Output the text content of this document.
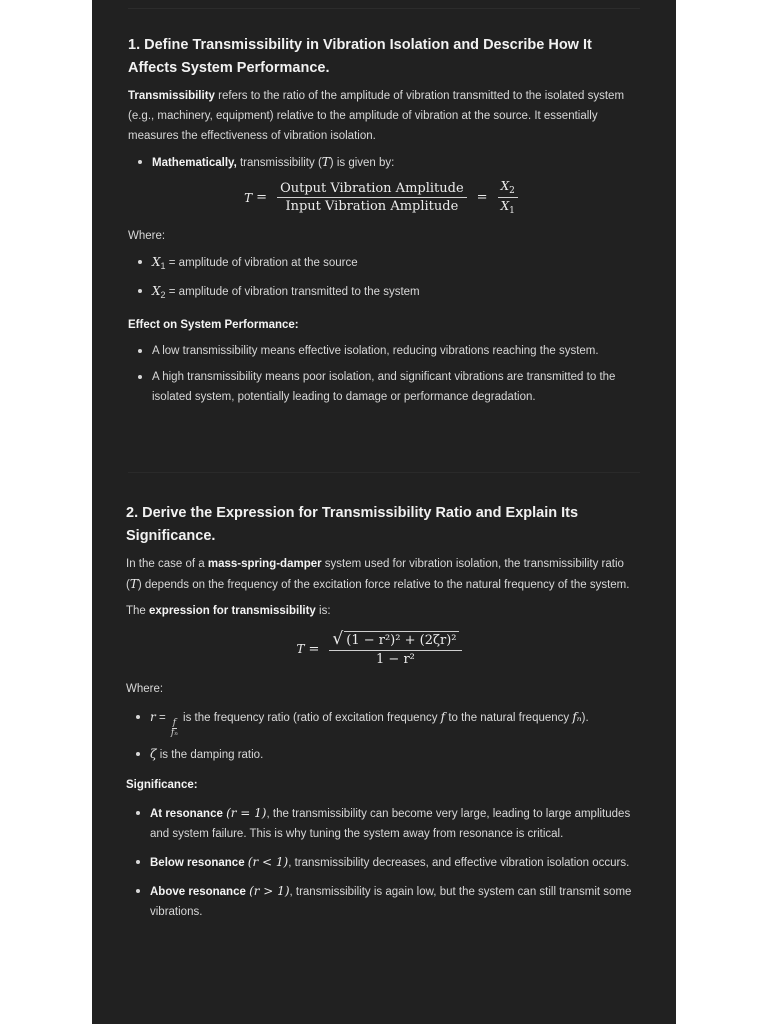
1. Define Transmissibility in Vibration Isolation and Describe How It Affects System Performance.

Transmissibility refers to the ratio of the amplitude of vibration transmitted to the isolated system (e.g., machinery, equipment) relative to the amplitude of vibration at the source. It essentially measures the effectiveness of vibration isolation.

Mathematically, transmissibility (T) is given by:
$T = \frac{\text{Output Vibration Amplitude}}{\text{Input Vibration Amplitude}} = \frac{X_2}{X_1}$

Where:

$X_1$ = amplitude of vibration at the source
$X_2$ = amplitude of vibration transmitted to the system

Effect on System Performance:

A low transmissibility means effective isolation, reducing vibrations reaching the system.
A high transmissibility means poor isolation, and significant vibrations are transmitted to the isolated system, potentially leading to damage or performance degradation.
2. Derive the Expression for Transmissibility Ratio and Explain Its Significance.

In the case of a mass-spring-damper system used for vibration isolation, the transmissibility ratio (T) depends on the frequency of the excitation force relative to the natural frequency of the system.

The expression for transmissibility is:

$T = \frac{\text{√ (1 − r²)² + (2ζr)²}}{\text{1 − r²}}$

Where:

r =
$\frac{f}{\text{fₙ}}$
is the frequency ratio (ratio of excitation frequency f to the natural frequency fₙ).
ζ is the damping ratio.

Significance:

At resonance (r = 1), the transmissibility can become very large, leading to large amplitudes and system failure. This is why tuning the system away from resonance is critical.
Below resonance (r < 1), transmissibility decreases, and effective vibration isolation occurs.
Above resonance (r > 1), transmissibility is again low, but the system can still transmit some vibrations.
